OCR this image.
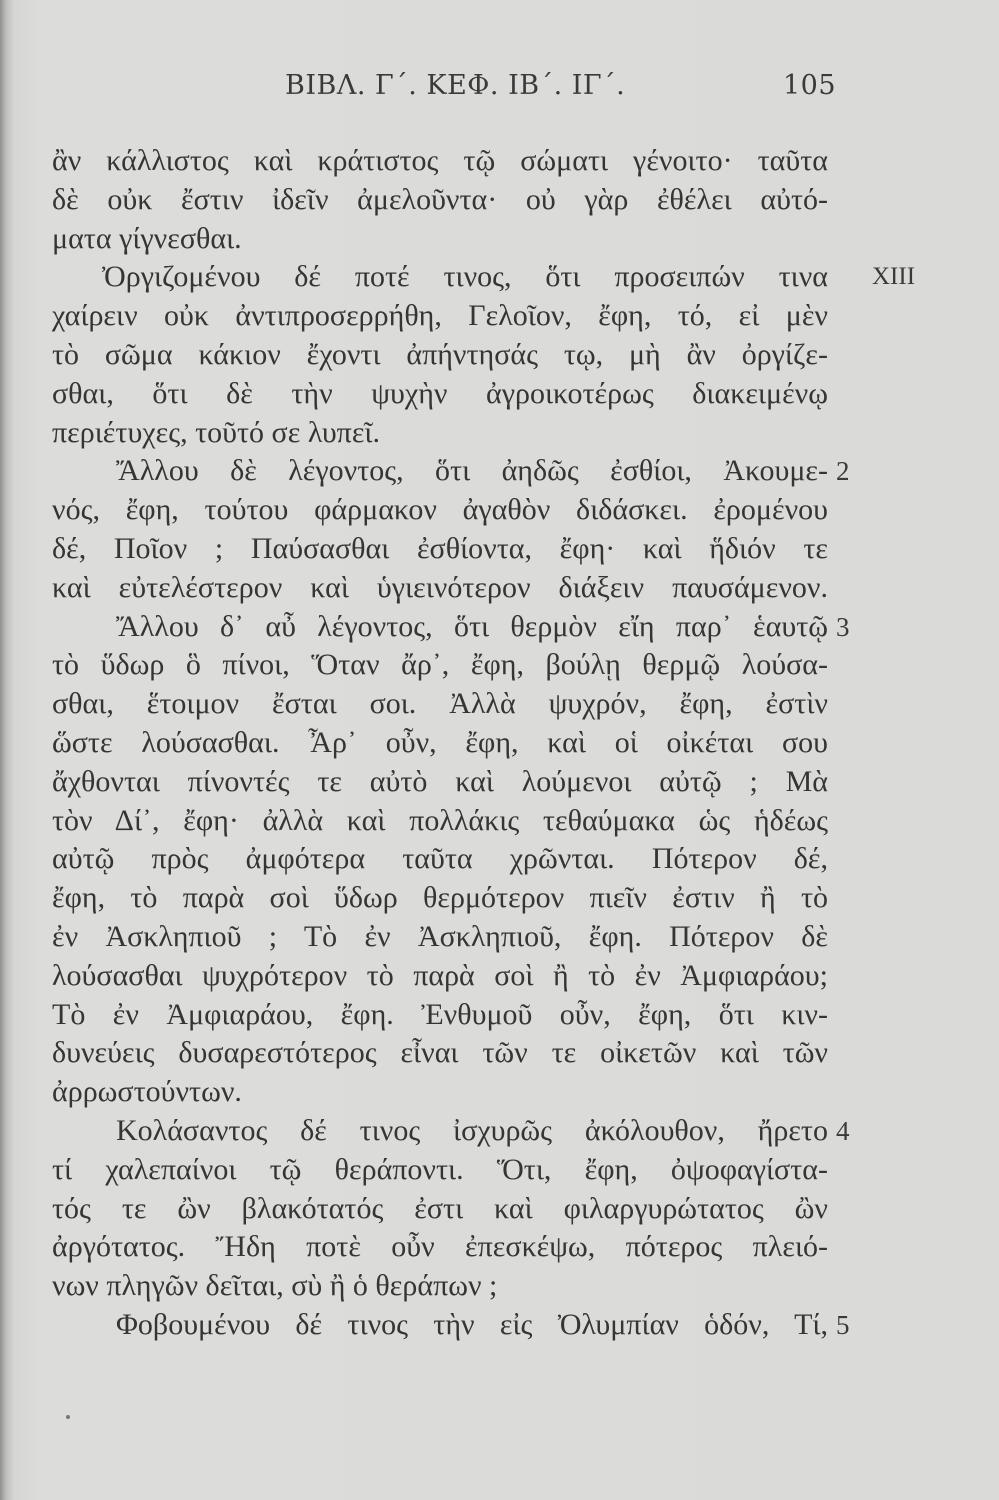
ΒΙΒΛ. Γ΄. ΚΕΦ. ΙΒ΄. ΙΓ΄.	105
ἂν κάλλιστος καὶ κράτιστος τῷ σώματι γένοιτο· ταῦτα
δὲ οὐκ ἔστιν ἰδεῖν ἀμελοῦντα· οὐ γὰρ ἐθέλει αὐτό-
ματα γίγνεσθαι.
Ὀργιζομένου δέ ποτέ τινος, ὅτι προσειπών τινα XIII
χαίρειν οὐκ ἀντιπροσερρήθη, Γελοῖον, ἔφη, τό, εἰ μὲν
τὸ σῶμα κάκιον ἔχοντι ἀπήντησάς τῳ, μὴ ἂν ὀργίζε-
σθαι, ὅτι δὲ τὴν ψυχὴν ἀγροικοτέρως διακειμένῳ
περιέτυχες, τοῦτό σε λυπεῖ.
Ἄλλου δὲ λέγοντος, ὅτι ἀηδῶς ἐσθίοι, Ἀκουμε- 2
νός, ἔφη, τούτου φάρμακον ἀγαθὸν διδάσκει. ἐρομένου
δέ, Ποῖον ; Παύσασθαι ἐσθίοντα, ἔφη· καὶ ἥδιόν τε
καὶ εὐτελέστερον καὶ ὑγιεινότερον διάξειν παυσάμενον.
Ἄλλου δ᾽ αὖ λέγοντος, ὅτι θερμὸν εἴη παρ᾽ ἑαυτῷ 3
τὸ ὕδωρ ὃ πίνοι, Ὅταν ἄρ᾽, ἔφη, βούλῃ θερμῷ λούσα-
σθαι, ἕτοιμον ἔσται σοι. Ἀλλὰ ψυχρόν, ἔφη, ἐστὶν
ὥστε λούσασθαι. Ἆρ᾽ οὖν, ἔφη, καὶ οἱ οἰκέται σου
ἄχθονται πίνοντές τε αὐτὸ καὶ λούμενοι αὐτῷ ; Μὰ
τὸν Δί᾽, ἔφη· ἀλλὰ καὶ πολλάκις τεθαύμακα ὡς ἡδέως
αὐτῷ πρὸς ἀμφότερα ταῦτα χρῶνται. Πότερον δέ,
ἔφη, τὸ παρὰ σοὶ ὕδωρ θερμότερον πιεῖν ἐστιν ἢ τὸ
ἐν Ἀσκληπιοῦ ; Τὸ ἐν Ἀσκληπιοῦ, ἔφη. Πότερον δὲ
λούσασθαι ψυχρότερον τὸ παρὰ σοὶ ἢ τὸ ἐν Ἀμφιαράου;
Τὸ ἐν Ἀμφιαράου, ἔφη. Ἐνθυμοῦ οὖν, ἔφη, ὅτι κιν-
δυνεύεις δυσαρεστότερος εἶναι τῶν τε οἰκετῶν καὶ τῶν
ἀρρωστούντων.
Κολάσαντος δέ τινος ἰσχυρῶς ἀκόλουθον, ἤρετο 4
τί χαλεπαίνοι τῷ θεράποντι. Ὅτι, ἔφη, ὀψοφαγίστα-
τός τε ὢν βλακότατός ἐστι καὶ φιλαργυρώτατος ὢν
ἀργότατος. Ἤδη ποτὲ οὖν ἐπεσκέψω, πότερος πλειό-
νων πληγῶν δεῖται, σὺ ἢ ὁ θεράπων ;
Φοβουμένου δέ τινος τὴν εἰς Ὀλυμπίαν ὁδόν, Τί, 5
